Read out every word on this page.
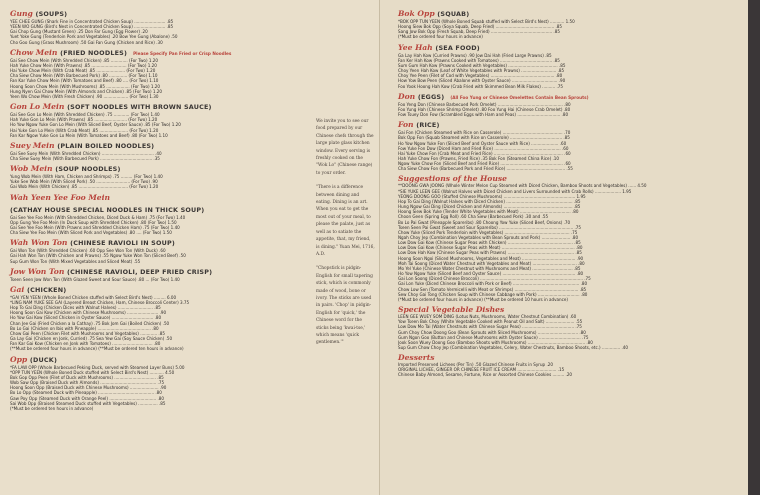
Gung (SOUPS)
YEE CHEE GUNG (Shark Fine in Concentrated Chicken Soup) ........................ .85
YEEN WO GUNG (Bird's Nest in Concentrated Chicken Soup) ........................ .85
Gai Chop Gung (Mustard Green) .25 Don Far Gung (Egg Flower) .20
Yuet Yoke Gung (Tenderloin Pork and Vegetables) .20 Bow Yee Gung (Abalone) .50
Cho Goo Gung (Grass Mushroom) .50 Gai Fan Gung (Chicken and Rice) .30
Chow Mein (FRIED NOODLES) Please Specify Pan Fried or Crisp Noodles
Gai See Chow Mein (With Shredded Chicken) .85 ............. (For Two) 1.20
Hah Yuke Chow Mein (With Prawns) .85 ........................... (For Two) 1.20
Hai Yuke Chow Mein (With Crab Meat) .85 ...................... (For Two) 1.20
Cha Siew Chow Mein (With Barbecued Pork) .80 .............. (For Two) 1.10
Fan Kar Yuke Chow Mein (With Tomatoes and Beef) .80 .... (For Two) 1.10
Hoong Soon Chow Mein (With Mushrooms) .85 .................. (For Two) 1.20
Hung Nyen Gai Chow Mein (With Almonds and Chicken) .85 (For Two) 1.20
Yeen Wo Chow Mein (With Fresh Chicken) .90 ................... (For Two) 1.30
Gon Lo Mein (SOFT NOODLES WITH BROWN SAUCE)
Gai See Gon Lo Mein (With Shredded Chicken) .75 ............ (For Two) 1.40
Hah Yuke Gon Lo Mein (With Prawns) .85 ......................... (For Two) 1.20
Ho Yow Ngow Yuke Gon Lo Mein (With Sliced Beef, Oyster Sauce) .85 (For Two) 1.20
Hai Yuke Gon Lo Mein (With Crab Meat) .85 ...................... (For Two) 1.20
Fan Kar Ngow Yuke Gon Lo Mein (With Tomatoes and Beef) .80 (For Two) 1.10
Suey Mein (PLAIN BOILED NOODLES)
Gai See Suey Mein (With Shredded Chicken) ........................................ .40
Cha Siew Suey Mein (With Barbecued Pork) ........................................ .35
Wob Mein (SOUP NOODLES)
Yung Wob Mein (With Ham, Chicken and Shrimps) .75 ......... (For Two) 1.40
Yuke See Wob Mein (With Sliced Pork) .50 .......................... (For Two) .90
Gai Wob Mein (With Chicken) .85 ...................................... (For Two) 1.20
Wah Yeen Yee Foo Mein
(CATHAY HOUSE SPECIAL NOODLES IN THICK SOUP)
Gai See Yee Foo Mein (With Shredded Chicken, Diced Duck & Ham) .75 (For Two) 1.40
Opp Gung Yee Foo Mein (In Duck Soup with Shredded Chicken) .80 (For Two) 1.50
Gai See Yee Foo Mein (With Prawns and Shredded Chicken Ham) .75 (For Two) 1.40
Cha Siew Yee Foo Mein (With Sliced Pork and Vegetables) .80 .... (For Two) 1.50
Wah Won Ton (CHINESE RAVIOLI IN SOUP)
Gai Won Ton (With Shredded Chicken) .60 Opp See Won Ton (With Duck) .60
Gai Hah Won Ton (With Chicken and Prawns) .55 Ngow Yuke Won Ton (Sliced Beef) .50
Sup Gum Won Ton (With Mixed Vegetables and Sliced Meat) .55
Jow Won Ton (CHINESE RAVIOLI, DEEP FRIED CRISP)
Tseen Seen Jow Won Ton (With Glazed Sweet and Sour Sauce) .80 ... (For Two) 1.40
Gai (CHICKEN)
*GAI YEN YEEN (Whole Boned Chicken stuffed with Select Bird's Nest) ......... 6.00
*LING NAM YUKE SEE GAI (Layered Breast Chicken, Ham, Chinese Broccoli Center) 3.75
Hop To Gai Ding (Chicken Dices with Walnut Halves) ........................... .85
Hoong Soon Gai Kow (Chicken with Chinese Mushrooms) ........................ .90
Ho Yow Gai Kow (Sliced Chicken in Oyster Sauce) ................................ .80
Chan Jee Gai (Fried Chicken a la Cathay) .75 Bok Jom Gai (Boiled Chicken) .50
Bo Lo Gai (Chicken on Ibis with Pineapple) ......................................... .80
Chow Gai Peen (Chicken Filet with Mushrooms and Vegetables) ............. .85
Ga Lay Gai (Chicken en Jonk, Curried) .75 Sea Yew Gai (Soy Sauce Chicken) .50
Fan Kar Gai Kow (Chicken en Jonk with Tomatoes) ............................... .80
(**Must be ordered four hours in advance) (**Must be ordered ten hours in advance)
Opp (DUCK)
*FA LAW OPP (Whole Barbecued Peking Duck, served with Steamed Layer Buns) 5.00
*OPP TUN YEEN (Whole Boned Duck stuffed with Select Bird's Nest) ........... 4.50
Bok Gop Opp Peen (Filet of Duck with Mushrooms) ................................ .85
Wob Saw Opp (Braised Duck with Almonds) ........................................... .75
Hoong Soon Opp (Braised Duck with Chinese Mushrooms) ...................... .90
Bo Lo Opp (Steamed Duck with Pineapple) ........................................... .80
Gaw Poy Opp (Steamed Duck with Orange Peel) .................................... .80
Sai Wob Opp (Braised Steamed Duck stuffed with Vegetables) ............... .85
(*Must be ordered ten hours in advance)
We invite you to see our food prepared by our Chinese chefs through the large plate glass kitchen window. Every serving is freshly cooked on the "Wok Lo" (Chinese range) to your order.
"There is a difference between dining and eating. Dining is an art. When you eat to get the most out of your meal, to please the palate, just as well as to satiate the appetite, that, my friend, is dining." Yuan Mei, 1716, A.D.
"Chopstick is pidgin-English for small tapering stick, which is commonly made of wood, bone or ivory. The sticks are used in pairs. 'Chop' in pidgin-English for 'quick,' the Chinese word for the sticks being 'kwai-tse,' which means 'quick gentlemen.'"
Bok Opp (SQUAB)
*BOK OPP TUN YEEN (Whole Boned Squab stuffed with Select Bird's Nest) ........... 1.50
Hoong Siew Bok Opp (Soya Squab, Deep Fried) ............................................. .85
Sang Jow Bok Opp (Fresh Squab, Deep Fried) ............................................... .85
(*Must be ordered four hours in advance)
Yee Hah (SEA FOOD)
Ga Lay Hah Kow (Curried Prawns) .90 Jow Dai Hah (Fried Large Prawns) .85
Fan Ker Hah Kow (Prawns Cooked with Tomatoes) ........................................ .85
Sum Gum Hah Kow (Prawns Cooked with Vegetables) ...................................... .85
Choy Yeen Hah Kow (Leaf of White Vegetables with Prawns) ........................... .85
Choy Yee Peen (Filet of Cod with Vegetables) ................................................. .80
How Yow Bow Peen (Sliced Abalone with Oyster Sauce) ................................... .90
Foo Yook Hoong Hah Kow (Crab Fried with Skimmed Bean Milk Flakes) .......... .75
Don (EGGS) (All Foo Yung or Chinese Omelettes Contain Bean Sprouts)
Foo Yeng Don (Chinese Barbecued Pork Omelet) .................................................. .80
Foo Yung Hah (Chinese Shrimp Omelet) .80 Foo Yung Hai (Chinese Crab Omelet) .80
Fow Tsuey Don Fow (Scrambled Eggs with Ham and Peas) ................................. .80
Fon (RICE)
Gai Fon (Chicken Steamed with Rice on Casserole) .............................................. .70
Bok Opp Fon (Squab Steamed with Rice on Casserole) ........................................ .85
Ho Yow Ngow Yuke Fon (Sliced Beef and Oyster Sauce with Rice) ..................... .60
Fow Yuke Fon Dow (Diced Ham and Fried Rice) ................................................... .60
Hai Yuke Chow Fon (Crab Meat and Fried Rice) ..................................................... .60
Hah Yuke Chow Fon (Prawns, Fried Rice) .35 Bok Fon (Steamed China Rice) .10
Ngow Yuke Chow Fon (Sliced Beef and Fried Rice) ................................................ .60
Cha Siew Chow Fon (Barbecued Pork and Fried Rice) ............................................. .55
Suggestions of the House
**DOONG GWA JOONG (Whole Winter Melon Cup Steamed with Diced Chicken, Bamboo Shoots and Vegetables) ...... 4.50
*SIE YUKE LEEN GEE (Walnut Halves with Diced Chicken and Livers Surrounded with Crab Rolls) .................... 1.95
YEONG DOONG GOO (Stuffed Chinese Mushrooms) ....................................................... 1.95
Hop To Gai Ding (Walnut Halves with Diced Chicken) ................................................... .85
Hung Ngow Gai Ding (Diced Chicken and Almonds) ..................................................... .85
Hoong Siew Bok Yuke (Tender White Vegetables with Meat) ....................................... .80
Choon Geen (Spring Egg Roll) .60 Cha Siew (Barbecued Pork) .30 and .55
Bo Lo Pai Gwat (Pineapple Spareribs) .80 Choong Yow Yuke (Sliced Beef, Onions) .70
Tseen Seen Pai Gwat (Sweet and Sour Spareribs) ......................................................... .75
Chow Yuke (Sliced Pork Tenderloin with Vegetables) .................................................. .75
Ngah Choy Jep (Combination Vegetables with Bean Sprouts and Pork) ...................... .80
Low Dow Gai Kow (Chinese Sugar Peas with Chicken) .................................................. .85
Low Dow Gai Kow (Chinese Sugar Peas with Meat) ........................................................ .80
Low Dow Hah Kow (Chinese Sugar Peas with Prawns) ................................................... .85
Hoong Soon Ngoi (Sliced Mushrooms, Vegetables and Meat) ......................................... .90
Moh Tai Soong (Diced Water Chestnut with Vegetables and Meat) .................................. .80
Mo Yel Yuke (Chinese Water Chestnut with Mushrooms and Meat) ............................... .85
Ho Yow Ngow Yuke (Sliced Beef and Oyster Sauce) ........................................................ .80
Gai Lon Soong (Diced Chinese Broccoli) ............................................................................... .75
Gai Lon Yuke (Diced Chinese Broccoli with Pork or Beef) ................................................... .80
Chow Low Sen (Tomato Vermicelli with Meat or Shrimps) ................................................. .85
Sew Choy Gai Tong (Chicken Soup with Chinese Cabbage with Pork) ................................ .80
(*Must be ordered four hours in advance) (**Must be ordered 10 hours in advance)
Special Vegetable Dishes
LEEN GEE WUEY SOM DING (Lotus Nuts, Mushrooms, Water Chestnut Combination) .60
Yow Tseen Bok Choy (White Vegetable Cooked with Peanut Oil and Salt) ...................... .55
Low Dow Mo Tai (Water Chestnuts with Chinese Sugar Peas) ........................................ .75
Gum Choy Chow Doong Goo (Bean Sprouts with Sliced Mushrooms) ............................... .80
Gum Ngon Goo (Button and Chinese Mushrooms with Oyster Sauce) ................................ .75
Jook Soon Wuey Doong Goo (Bamboo Shoots with Mushrooms) ............................................ .80
Sup Gum Chow Choy Jep (Combination Vegetables, Celery, Water Chestnuts, Bamboo Shoots, etc.) .............. .40
Desserts
Imported Preserved Lichees (Per Tin) .50 Glazed Chinese Fruits in Syrup .20
ORIGINAL LICHEE, GINGER OR CHINESE FRUIT ICE CREAM .............................. .15
Chinese Baby Almond, Sesame, Fortune, Rice or Assorted Chinese Cookies ......... .20
